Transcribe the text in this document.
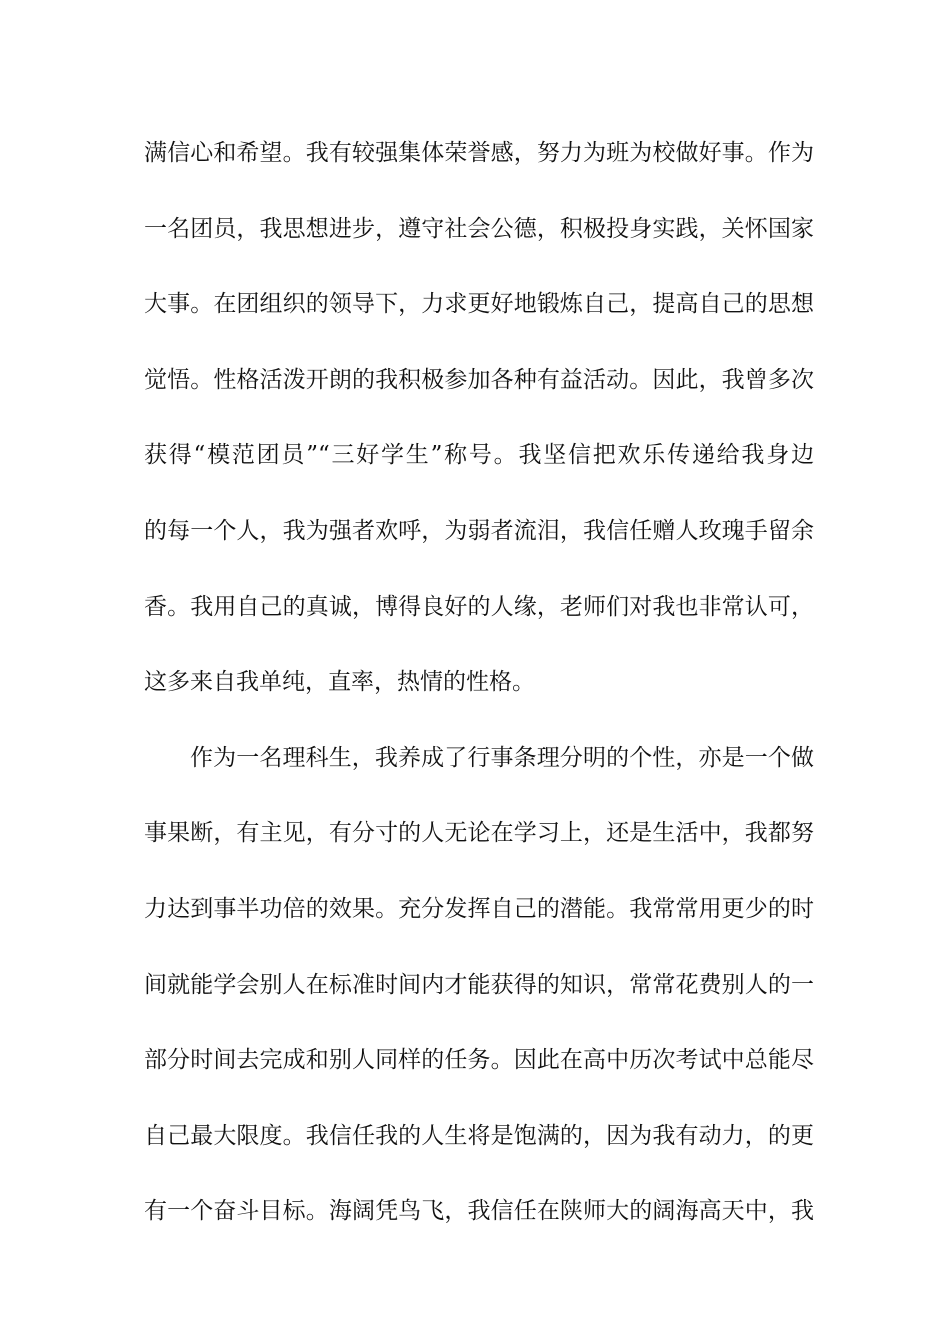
满信心和希望。我有较强集体荣誉感，努力为班为校做好事。作为
一名团员，我思想进步，遵守社会公德，积极投身实践，关怀国家
大事。在团组织的领导下，力求更好地锻炼自己，提高自己的思想
觉悟。性格活泼开朗的我积极参加各种有益活动。因此，我曾多次
获得“模范团员”“三好学生”称号。我坚信把欢乐传递给我身边
的每一个人，我为强者欢呼，为弱者流泪，我信任赠人玫瑰手留余
香。我用自己的真诚，博得良好的人缘，老师们对我也非常认可，
这多来自我单纯，直率，热情的性格。
作为一名理科生，我养成了行事条理分明的个性，亦是一个做
事果断，有主见，有分寸的人无论在学习上，还是生活中，我都努
力达到事半功倍的效果。充分发挥自己的潜能。我常常用更少的时
间就能学会别人在标准时间内才能获得的知识，常常花费别人的一
部分时间去完成和别人同样的任务。因此在高中历次考试中总能尽
自己最大限度。我信任我的人生将是饱满的，因为我有动力，的更
有一个奋斗目标。海阔凭鸟飞，我信任在陕师大的阔海高天中，我
